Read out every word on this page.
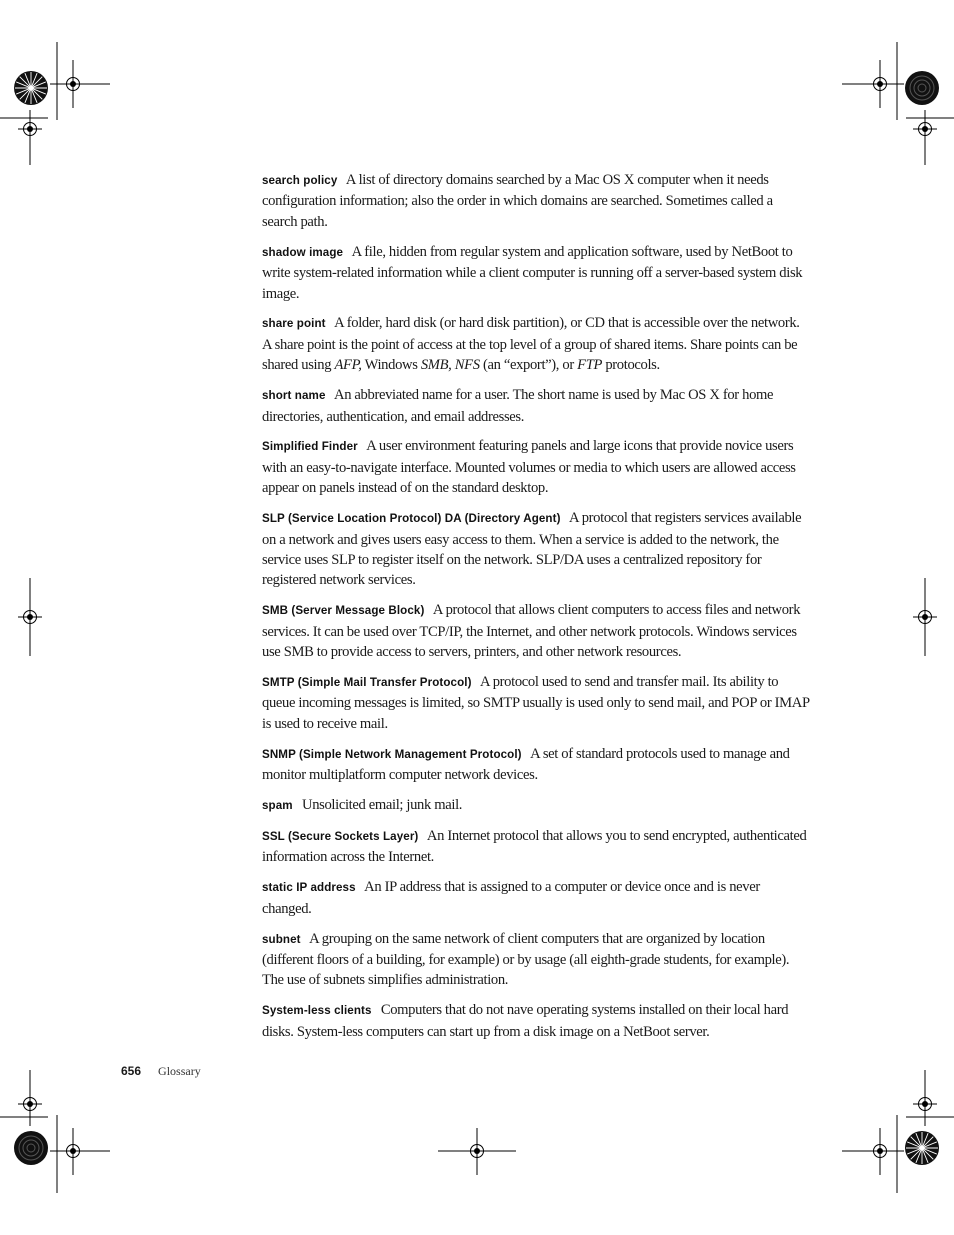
search policy A list of directory domains searched by a Mac OS X computer when it needs configuration information; also the order in which domains are searched. Sometimes called a search path.

shadow image A file, hidden from regular system and application software, used by NetBoot to write system-related information while a client computer is running off a server-based system disk image.

share point A folder, hard disk (or hard disk partition), or CD that is accessible over the network. A share point is the point of access at the top level of a group of shared items. Share points can be shared using AFP, Windows SMB, NFS (an “export”), or FTP protocols.

short name An abbreviated name for a user. The short name is used by Mac OS X for home directories, authentication, and email addresses.

Simplified Finder A user environment featuring panels and large icons that provide novice users with an easy-to-navigate interface. Mounted volumes or media to which users are allowed access appear on panels instead of on the standard desktop.

SLP (Service Location Protocol) DA (Directory Agent) A protocol that registers services available on a network and gives users easy access to them. When a service is added to the network, the service uses SLP to register itself on the network. SLP/DA uses a centralized repository for registered network services.

SMB (Server Message Block) A protocol that allows client computers to access files and network services. It can be used over TCP/IP, the Internet, and other network protocols. Windows services use SMB to provide access to servers, printers, and other network resources.

SMTP (Simple Mail Transfer Protocol) A protocol used to send and transfer mail. Its ability to queue incoming messages is limited, so SMTP usually is used only to send mail, and POP or IMAP is used to receive mail.

SNMP (Simple Network Management Protocol) A set of standard protocols used to manage and monitor multiplatform computer network devices.

spam Unsolicited email; junk mail.

SSL (Secure Sockets Layer) An Internet protocol that allows you to send encrypted, authenticated information across the Internet.

static IP address An IP address that is assigned to a computer or device once and is never changed.

subnet A grouping on the same network of client computers that are organized by location (different floors of a building, for example) or by usage (all eighth-grade students, for example). The use of subnets simplifies administration.

System-less clients Computers that do not nave operating systems installed on their local hard disks. System-less computers can start up from a disk image on a NetBoot server.

656 Glossary
